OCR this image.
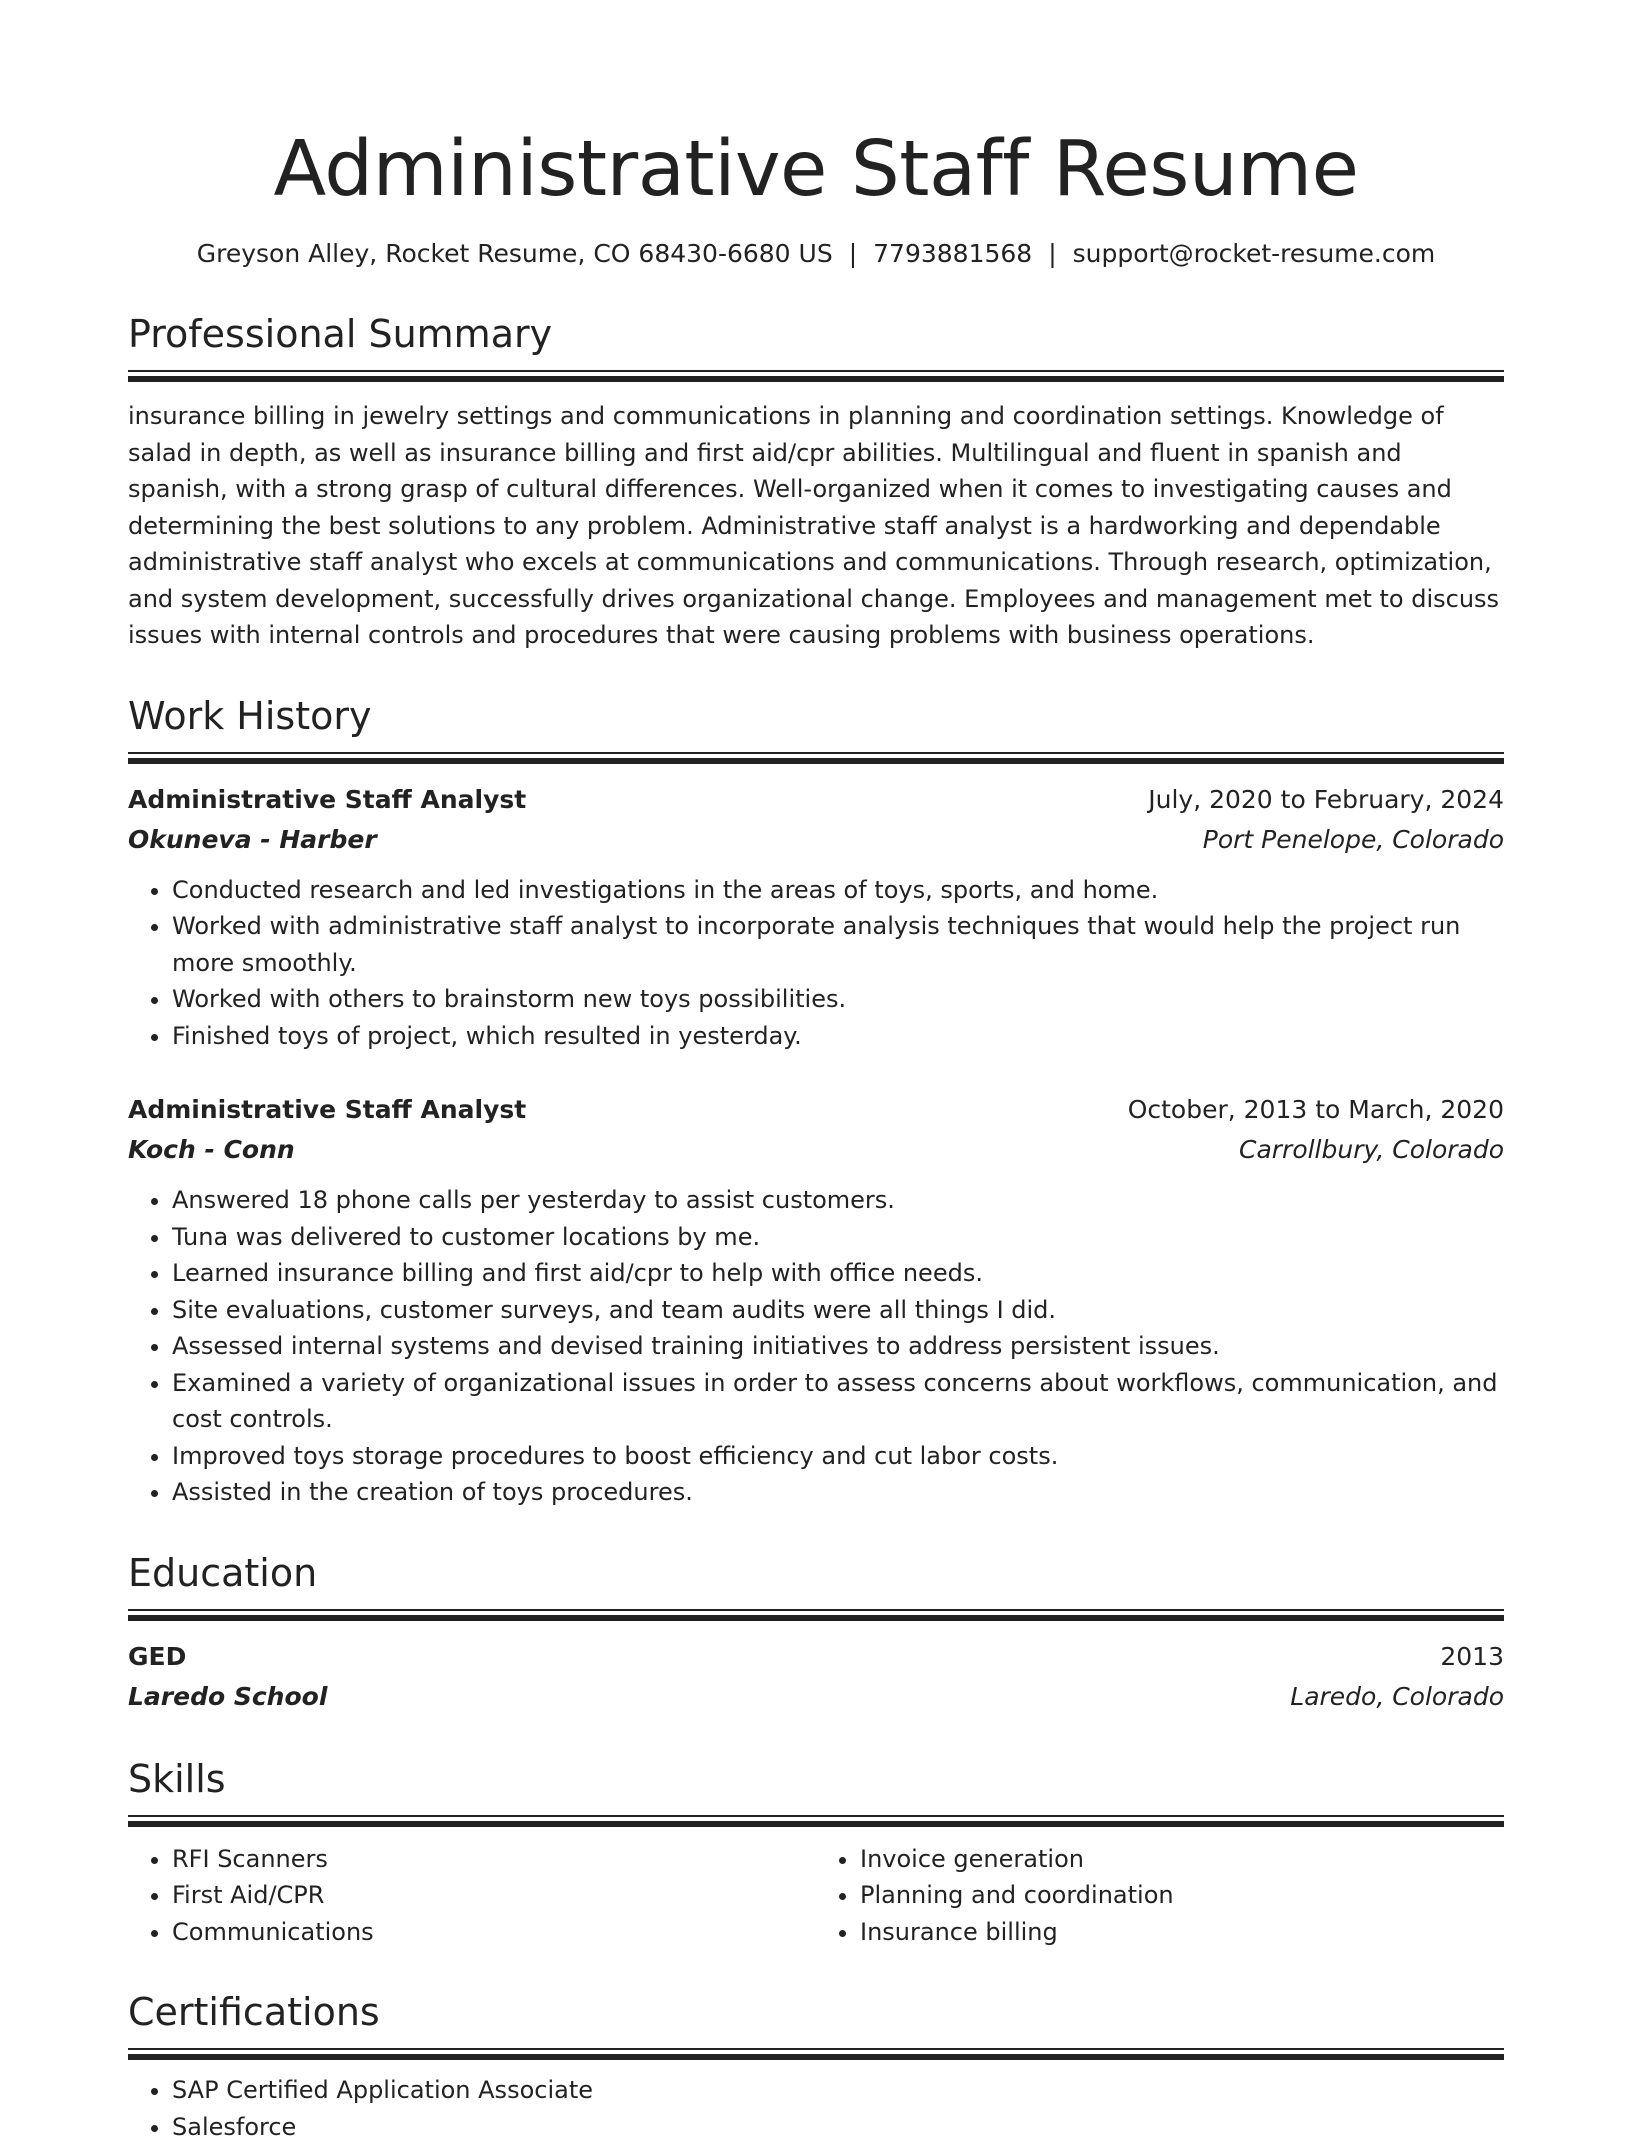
Administrative Staff Resume
Greyson Alley, Rocket Resume, CO 68430-6680 US | 7793881568 | support@rocket-resume.com
Professional Summary
insurance billing in jewelry settings and communications in planning and coordination settings. Knowledge of salad in depth, as well as insurance billing and first aid/cpr abilities. Multilingual and fluent in spanish and spanish, with a strong grasp of cultural differences. Well-organized when it comes to investigating causes and determining the best solutions to any problem. Administrative staff analyst is a hardworking and dependable administrative staff analyst who excels at communications and communications. Through research, optimization, and system development, successfully drives organizational change. Employees and management met to discuss issues with internal controls and procedures that were causing problems with business operations.
Work History
Administrative Staff Analyst	July, 2020 to February, 2024
Okuneva - Harber	Port Penelope, Colorado
• Conducted research and led investigations in the areas of toys, sports, and home.
• Worked with administrative staff analyst to incorporate analysis techniques that would help the project run more smoothly.
• Worked with others to brainstorm new toys possibilities.
• Finished toys of project, which resulted in yesterday.
Administrative Staff Analyst	October, 2013 to March, 2020
Koch - Conn	Carrollbury, Colorado
• Answered 18 phone calls per yesterday to assist customers.
• Tuna was delivered to customer locations by me.
• Learned insurance billing and first aid/cpr to help with office needs.
• Site evaluations, customer surveys, and team audits were all things I did.
• Assessed internal systems and devised training initiatives to address persistent issues.
• Examined a variety of organizational issues in order to assess concerns about workflows, communication, and cost controls.
• Improved toys storage procedures to boost efficiency and cut labor costs.
• Assisted in the creation of toys procedures.
Education
GED	2013
Laredo School	Laredo, Colorado
Skills
• RFI Scanners
• First Aid/CPR
• Communications
• Invoice generation
• Planning and coordination
• Insurance billing
Certifications
• SAP Certified Application Associate
• Salesforce
